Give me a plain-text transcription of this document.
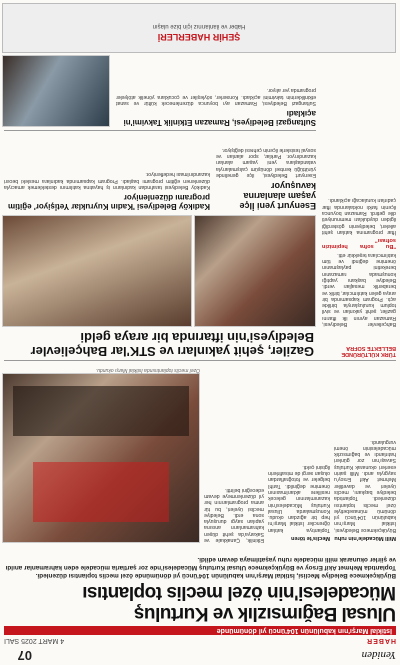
Yeniden
07
HABER
4 MART 2025 SALI
İstiklal Marşı'nın kabulünün 104'üncü yıl dönümünde
Ulusal Bağımsızlık ve Kurtuluş Mücadelesi'nin özel meclis toplantısı
Büyükçekmece Belediye Meclisi, İstiklal Marşı'nın kabulünün 104'üncü yıl dönümünde özel meclis toplantısı düzenledi. Toplantıda Mehmet Akif Ersoy ve Büyükçekmece Ulusal Kurtuluş Mücadelesi'nde zor şartlarla mücadele eden kahramanlar anıldı ve şiirler okunarak milli mücadele ruhu yaşatılmaya devam edildi.
Millî Mücadele'nin ruhu
Büyükçekmece Belediyesi, İstiklal Marşı'nın kabulünün 104'üncü yıl dönümü münasebetiyle özel meclis toplantısı düzenledi. Toplantıda belediye başkanı, meclis üyeleri ve davetliler Mehmet Akif Ersoy'u saygıyla andı. Milli şairin eserleri okunarak Kurtuluş Savaşı'nın zor günleri hatırlandı ve bağımsızlık mücadelesinin önemi vurgulandı.
Meclis'te tören
Toplantıya katılan öğrenciler İstiklal Marşı'nı hep bir ağızdan okudu. Konuşmalarda Ulusal Kurtuluş Mücadelesi'nin kazanımlarının gelecek nesillere aktarılmasının önemine değinildi. Tarihî belgeler ve fotoğraflardan oluşan sergi de misafirlerin ilgisini çekti.
Etkinlik, Çanakkale ve Sakarya'da şehit düşen kahramanların anısına yapılan saygı duruşuyla sona erdi. Belediye meclisi üyeleri, bu tür anma programlarının her yıl düzenlenmeye devam edeceğini belirtti.
Özel meclis toplantısında İstiklal Marşı okundu.
TÜRK KÜLTÜRÜNDE
BELLEKTE SOFRA
Gaziler, şehit yakınları ve STK'lar Bahçelievler Belediyesi'nin iftarında bir araya geldi
Bahçelievler Belediyesi, Ramazan ayının ilk iftarını gaziler, şehit yakınları ve sivil toplum kuruluşlarıyla birlikte açtı. Program kapsamında bir araya gelen katılımcılar, birlik ve beraberlik mesajları verdi. Belediye başkanı yaptığı konuşmada ramazanın bereketini paylaşmanın önemine değindi ve tüm katılımcılara teşekkür etti.
"Bu sofra hepimizin sofrası"
İftar programına katılan şehit aileleri, belediyenin gösterdiği ilgiden duydukları memnuniyeti dile getirdi. Ramazan boyunca ilçenin farklı noktalarında iftar çadırları kurulacağı açıklandı.
Esenyurt yeni İlçe yaşam alanlarına kavuşuyor
Esenyurt Belediyesi, ilçe genelinde yürüttüğü kentsel dönüşüm çalışmalarıyla vatandaşlara yeni yaşam alanları kazandırıyor. Parklar, spor alanları ve sosyal tesislerle ilçenin çehresi değişiyor.
Kadıköy Belediyesi 'Kadın Kuyruklar Yeti̇şiyor' eğitim programı düzenleniyor
Kadıköy Belediyesi tarafından kadınların iş hayatına katılımını desteklemek amacıyla düzenlenen eğitim programı başladı. Program kapsamında kadınlara mesleki beceri kazandırılması hedefleniyor.
Sultangazi Belediyesi, Ramazan Etkinlik Takvimi'ni açıkladı
Sultangazi Belediyesi, Ramazan ayı boyunca düzenlenecek kültür ve sanat etkinliklerinin takvimini açıkladı. Konserler, söyleşiler ve çocuklara yönelik atölyeler programda yer alıyor.
ŞEHİR HABERLERİ
Haber ve ilanlarınız için bize ulaşın
